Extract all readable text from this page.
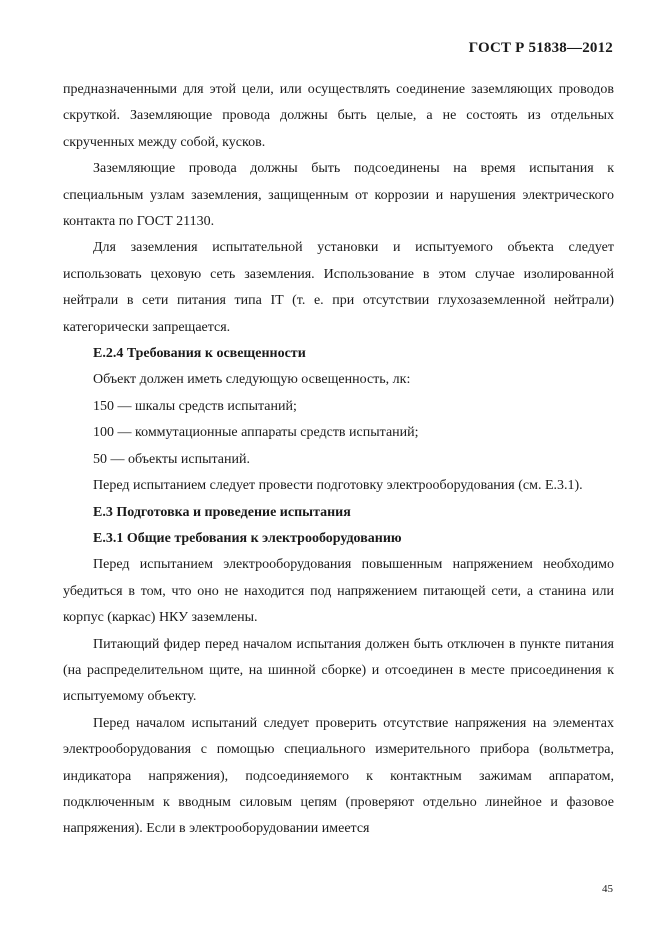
ГОСТ Р 51838—2012

предназначенными для этой цели, или осуществлять соединение заземляющих проводов скруткой. Заземляющие провода должны быть целые, а не состоять из отдельных скрученных между собой, кусков.

Заземляющие провода должны быть подсоединены на время испытания к специальным узлам заземления, защищенным от коррозии и нарушения электрического контакта по ГОСТ 21130.

Для заземления испытательной установки и испытуемого объекта следует использовать цеховую сеть заземления. Использование в этом случае изолированной нейтрали в сети питания типа IT (т. е. при отсутствии глухозаземленной нейтрали) категорически запрещается.

Е.2.4 Требования к освещенности

Объект должен иметь следующую освещенность, лк:

150 — шкалы средств испытаний;

100 — коммутационные аппараты средств испытаний;

50 — объекты испытаний.

Перед испытанием следует провести подготовку электрооборудования (см. Е.3.1).

Е.3 Подготовка и проведение испытания

Е.3.1 Общие требования к электрооборудованию

Перед испытанием электрооборудования повышенным напряжением необходимо убедиться в том, что оно не находится под напряжением питающей сети, а станина или корпус (каркас) НКУ заземлены.

Питающий фидер перед началом испытания должен быть отключен в пункте питания (на распределительном щите, на шинной сборке) и отсоединен в месте присоединения к испытуемому объекту.

Перед началом испытаний следует проверить отсутствие напряжения на элементах электрооборудования с помощью специального измерительного прибора (вольтметра, индикатора напряжения), подсоединяемого к контактным зажимам аппаратом, подключенным к вводным силовым цепям (проверяют отдельно линейное и фазовое напряжения). Если в электрооборудовании имеется

45
